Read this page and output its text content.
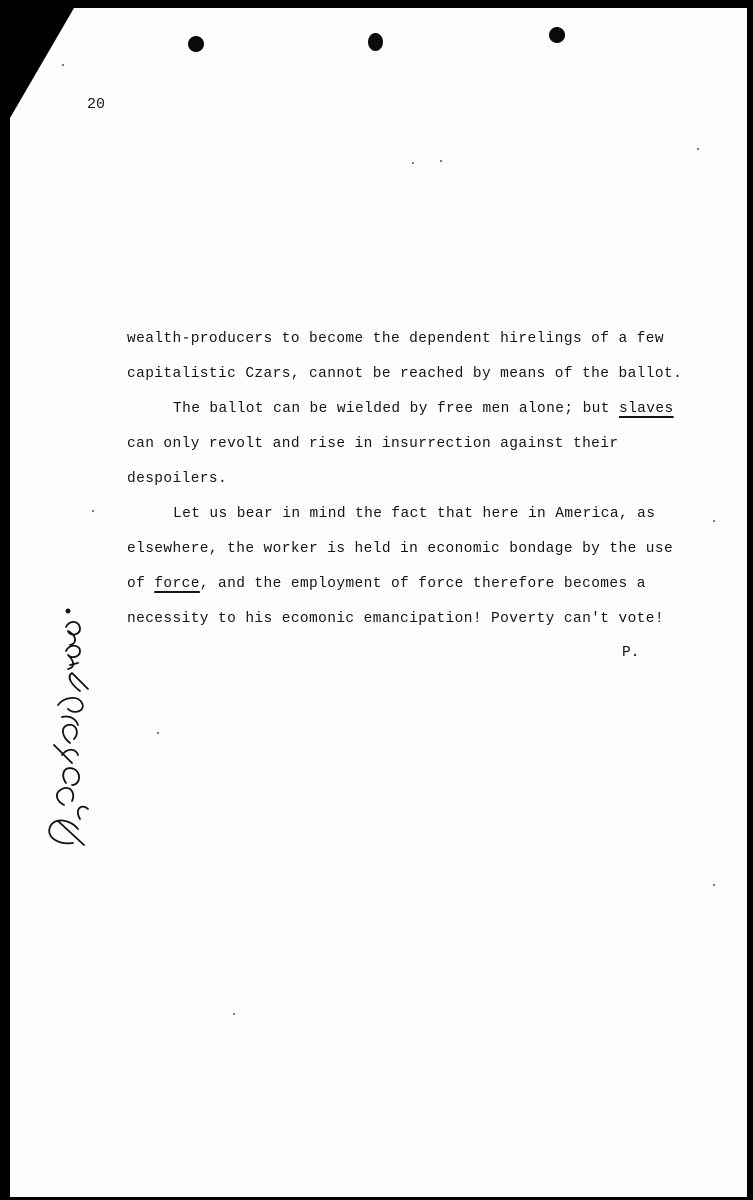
20
wealth-producers to become the dependent hirelings of a few
capitalistic Czars, cannot be reached by means of the ballot.
The ballot can be wielded by free men alone; but slaves
can only revolt and rise in insurrection against their
despoilers.
Let us bear in mind the fact that here in America, as
elsewhere, the worker is held in economic bondage by the use
of force, and the employment of force therefore becomes a
necessity to his ecomonic emancipation! Poverty can't vote!
P.
